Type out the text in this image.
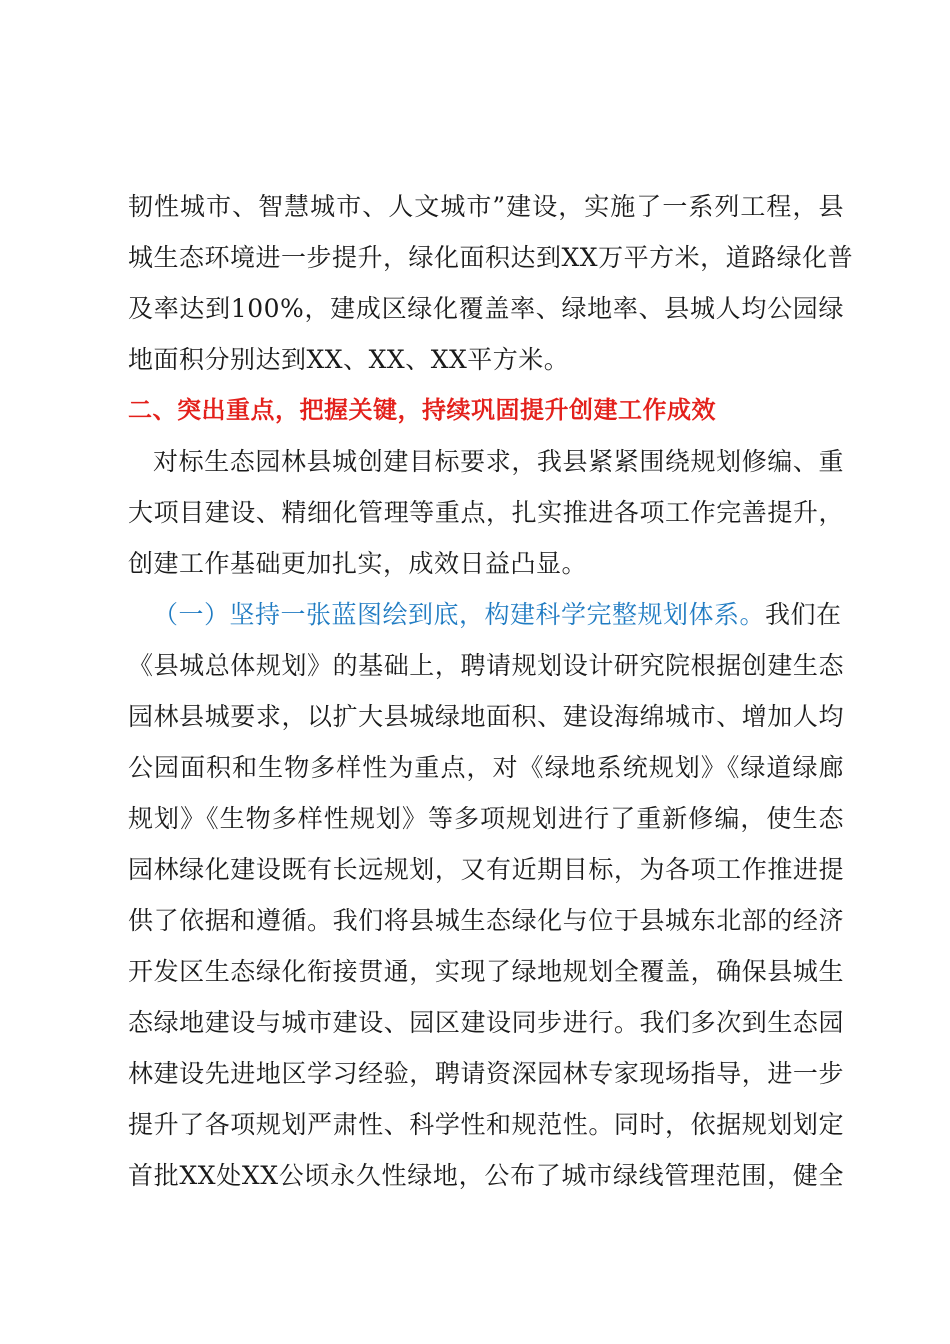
韧性城市、智慧城市、人文城市”建设，实施了一系列工程，县
城生态环境进一步提升，绿化面积达到XX万平方米，道路绿化普
及率达到100%，建成区绿化覆盖率、绿地率、县城人均公园绿
地面积分别达到XX、XX、XX平方米。
二、突出重点，把握关键，持续巩固提升创建工作成效
对标生态园林县城创建目标要求，我县紧紧围绕规划修编、重
大项目建设、精细化管理等重点，扎实推进各项工作完善提升，
创建工作基础更加扎实，成效日益凸显。
（一）坚持一张蓝图绘到底，构建科学完整规划体系。我们在
《县城总体规划》的基础上，聘请规划设计研究院根据创建生态
园林县城要求，以扩大县城绿地面积、建设海绵城市、增加人均
公园面积和生物多样性为重点，对《绿地系统规划》《绿道绿廊
规划》《生物多样性规划》等多项规划进行了重新修编，使生态
园林绿化建设既有长远规划，又有近期目标，为各项工作推进提
供了依据和遵循。我们将县城生态绿化与位于县城东北部的经济
开发区生态绿化衔接贯通，实现了绿地规划全覆盖，确保县城生
态绿地建设与城市建设、园区建设同步进行。我们多次到生态园
林建设先进地区学习经验，聘请资深园林专家现场指导，进一步
提升了各项规划严肃性、科学性和规范性。同时，依据规划划定
首批XX处XX公顷永久性绿地，公布了城市绿线管理范围，健全
